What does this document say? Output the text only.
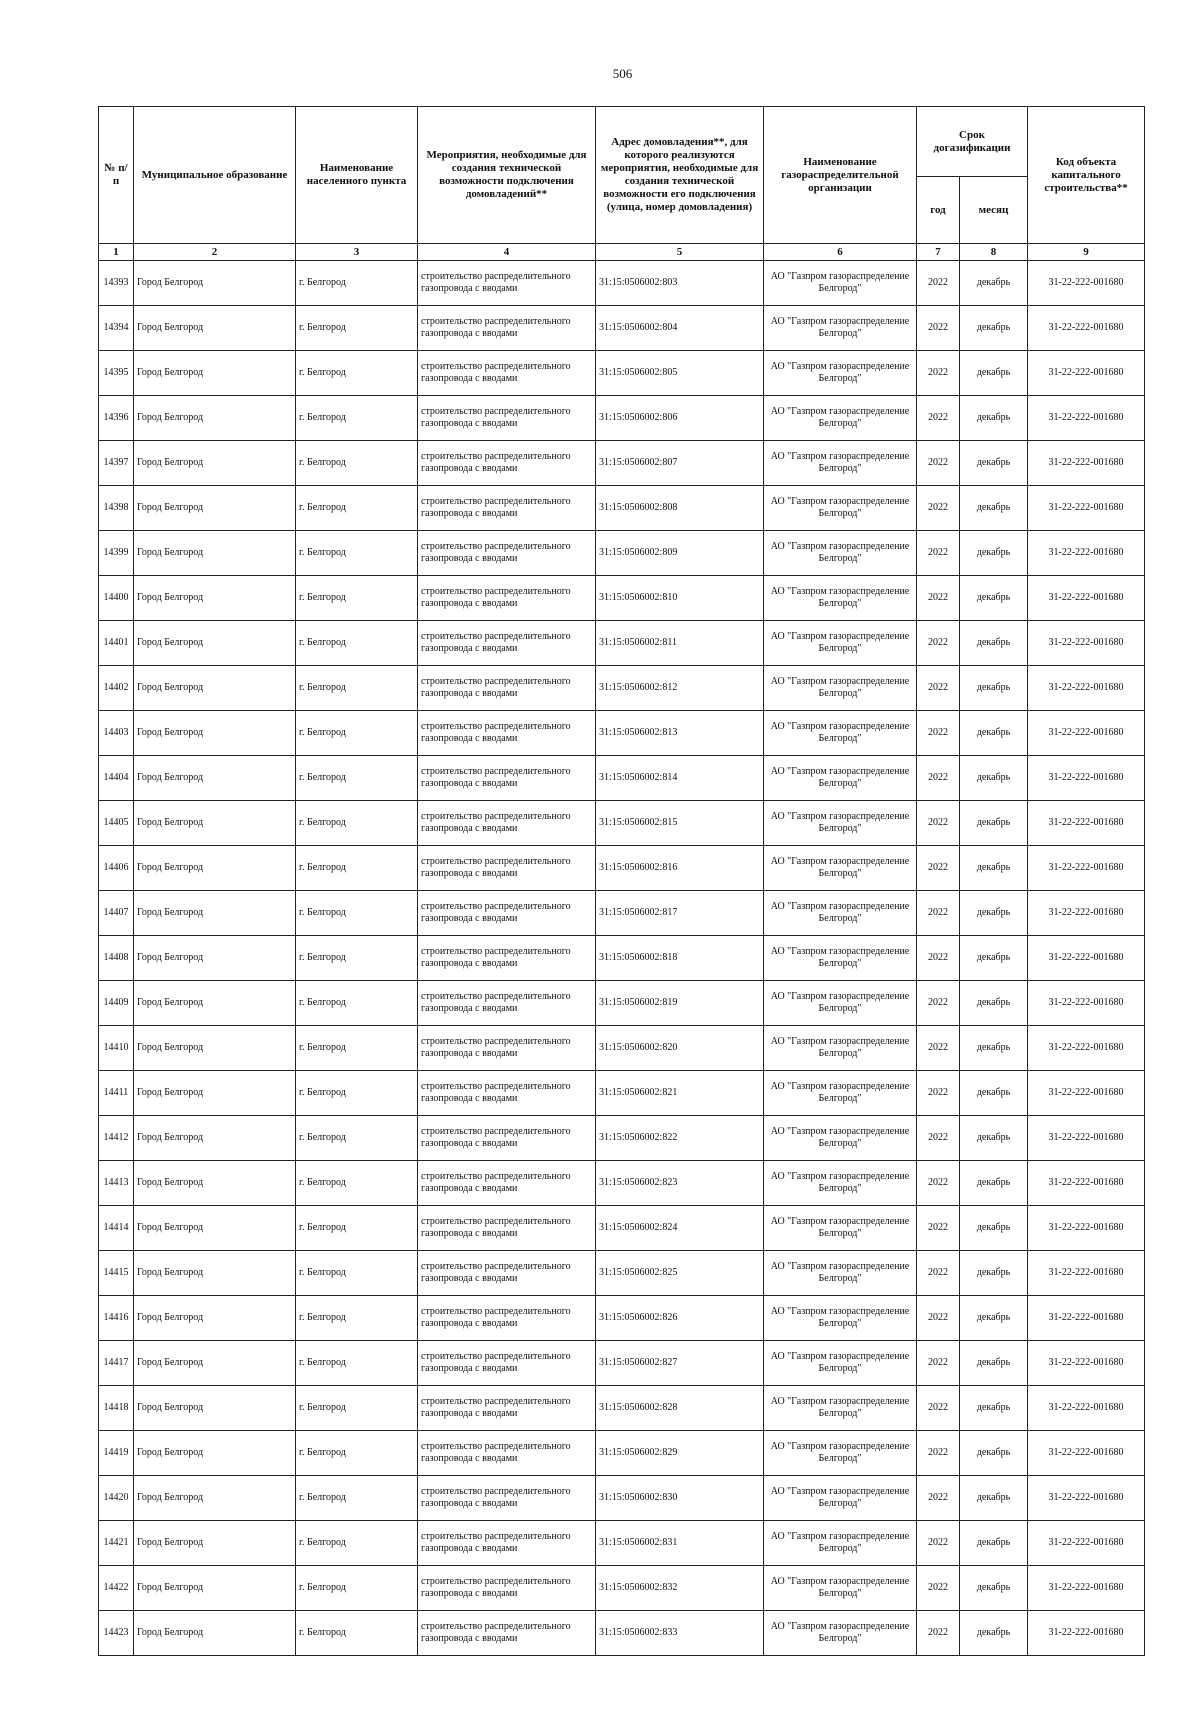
506
№ п/п	Муниципальное образование	Наименование населенного пункта	Мероприятия, необходимые для создания технической возможности подключения домовладений**	Адрес домовладения**, для которого реализуются мероприятия, необходимые для создания технической возможности его подключения (улица, номер домовладения)	Наименование газораспределительной организации	Срок догазификации		Код объекта капитального строительства**
						год	месяц	
1	2	3	4	5	6	7	8	9
14393	Город Белгород	г. Белгород	строительство распределительного газопровода с вводами	31:15:0506002:803	АО "Газпром газораспределение Белгород"	2022	декабрь	31-22-222-001680
14394	Город Белгород	г. Белгород	строительство распределительного газопровода с вводами	31:15:0506002:804	АО "Газпром газораспределение Белгород"	2022	декабрь	31-22-222-001680
14395	Город Белгород	г. Белгород	строительство распределительного газопровода с вводами	31:15:0506002:805	АО "Газпром газораспределение Белгород"	2022	декабрь	31-22-222-001680
14396	Город Белгород	г. Белгород	строительство распределительного газопровода с вводами	31:15:0506002:806	АО "Газпром газораспределение Белгород"	2022	декабрь	31-22-222-001680
14397	Город Белгород	г. Белгород	строительство распределительного газопровода с вводами	31:15:0506002:807	АО "Газпром газораспределение Белгород"	2022	декабрь	31-22-222-001680
14398	Город Белгород	г. Белгород	строительство распределительного газопровода с вводами	31:15:0506002:808	АО "Газпром газораспределение Белгород"	2022	декабрь	31-22-222-001680
14399	Город Белгород	г. Белгород	строительство распределительного газопровода с вводами	31:15:0506002:809	АО "Газпром газораспределение Белгород"	2022	декабрь	31-22-222-001680
14400	Город Белгород	г. Белгород	строительство распределительного газопровода с вводами	31:15:0506002:810	АО "Газпром газораспределение Белгород"	2022	декабрь	31-22-222-001680
14401	Город Белгород	г. Белгород	строительство распределительного газопровода с вводами	31:15:0506002:811	АО "Газпром газораспределение Белгород"	2022	декабрь	31-22-222-001680
14402	Город Белгород	г. Белгород	строительство распределительного газопровода с вводами	31:15:0506002:812	АО "Газпром газораспределение Белгород"	2022	декабрь	31-22-222-001680
14403	Город Белгород	г. Белгород	строительство распределительного газопровода с вводами	31:15:0506002:813	АО "Газпром газораспределение Белгород"	2022	декабрь	31-22-222-001680
14404	Город Белгород	г. Белгород	строительство распределительного газопровода с вводами	31:15:0506002:814	АО "Газпром газораспределение Белгород"	2022	декабрь	31-22-222-001680
14405	Город Белгород	г. Белгород	строительство распределительного газопровода с вводами	31:15:0506002:815	АО "Газпром газораспределение Белгород"	2022	декабрь	31-22-222-001680
14406	Город Белгород	г. Белгород	строительство распределительного газопровода с вводами	31:15:0506002:816	АО "Газпром газораспределение Белгород"	2022	декабрь	31-22-222-001680
14407	Город Белгород	г. Белгород	строительство распределительного газопровода с вводами	31:15:0506002:817	АО "Газпром газораспределение Белгород"	2022	декабрь	31-22-222-001680
14408	Город Белгород	г. Белгород	строительство распределительного газопровода с вводами	31:15:0506002:818	АО "Газпром газораспределение Белгород"	2022	декабрь	31-22-222-001680
14409	Город Белгород	г. Белгород	строительство распределительного газопровода с вводами	31:15:0506002:819	АО "Газпром газораспределение Белгород"	2022	декабрь	31-22-222-001680
14410	Город Белгород	г. Белгород	строительство распределительного газопровода с вводами	31:15:0506002:820	АО "Газпром газораспределение Белгород"	2022	декабрь	31-22-222-001680
14411	Город Белгород	г. Белгород	строительство распределительного газопровода с вводами	31:15:0506002:821	АО "Газпром газораспределение Белгород"	2022	декабрь	31-22-222-001680
14412	Город Белгород	г. Белгород	строительство распределительного газопровода с вводами	31:15:0506002:822	АО "Газпром газораспределение Белгород"	2022	декабрь	31-22-222-001680
14413	Город Белгород	г. Белгород	строительство распределительного газопровода с вводами	31:15:0506002:823	АО "Газпром газораспределение Белгород"	2022	декабрь	31-22-222-001680
14414	Город Белгород	г. Белгород	строительство распределительного газопровода с вводами	31:15:0506002:824	АО "Газпром газораспределение Белгород"	2022	декабрь	31-22-222-001680
14415	Город Белгород	г. Белгород	строительство распределительного газопровода с вводами	31:15:0506002:825	АО "Газпром газораспределение Белгород"	2022	декабрь	31-22-222-001680
14416	Город Белгород	г. Белгород	строительство распределительного газопровода с вводами	31:15:0506002:826	АО "Газпром газораспределение Белгород"	2022	декабрь	31-22-222-001680
14417	Город Белгород	г. Белгород	строительство распределительного газопровода с вводами	31:15:0506002:827	АО "Газпром газораспределение Белгород"	2022	декабрь	31-22-222-001680
14418	Город Белгород	г. Белгород	строительство распределительного газопровода с вводами	31:15:0506002:828	АО "Газпром газораспределение Белгород"	2022	декабрь	31-22-222-001680
14419	Город Белгород	г. Белгород	строительство распределительного газопровода с вводами	31:15:0506002:829	АО "Газпром газораспределение Белгород"	2022	декабрь	31-22-222-001680
14420	Город Белгород	г. Белгород	строительство распределительного газопровода с вводами	31:15:0506002:830	АО "Газпром газораспределение Белгород"	2022	декабрь	31-22-222-001680
14421	Город Белгород	г. Белгород	строительство распределительного газопровода с вводами	31:15:0506002:831	АО "Газпром газораспределение Белгород"	2022	декабрь	31-22-222-001680
14422	Город Белгород	г. Белгород	строительство распределительного газопровода с вводами	31:15:0506002:832	АО "Газпром газораспределение Белгород"	2022	декабрь	31-22-222-001680
14423	Город Белгород	г. Белгород	строительство распределительного газопровода с вводами	31:15:0506002:833	АО "Газпром газораспределение Белгород"	2022	декабрь	31-22-222-001680
